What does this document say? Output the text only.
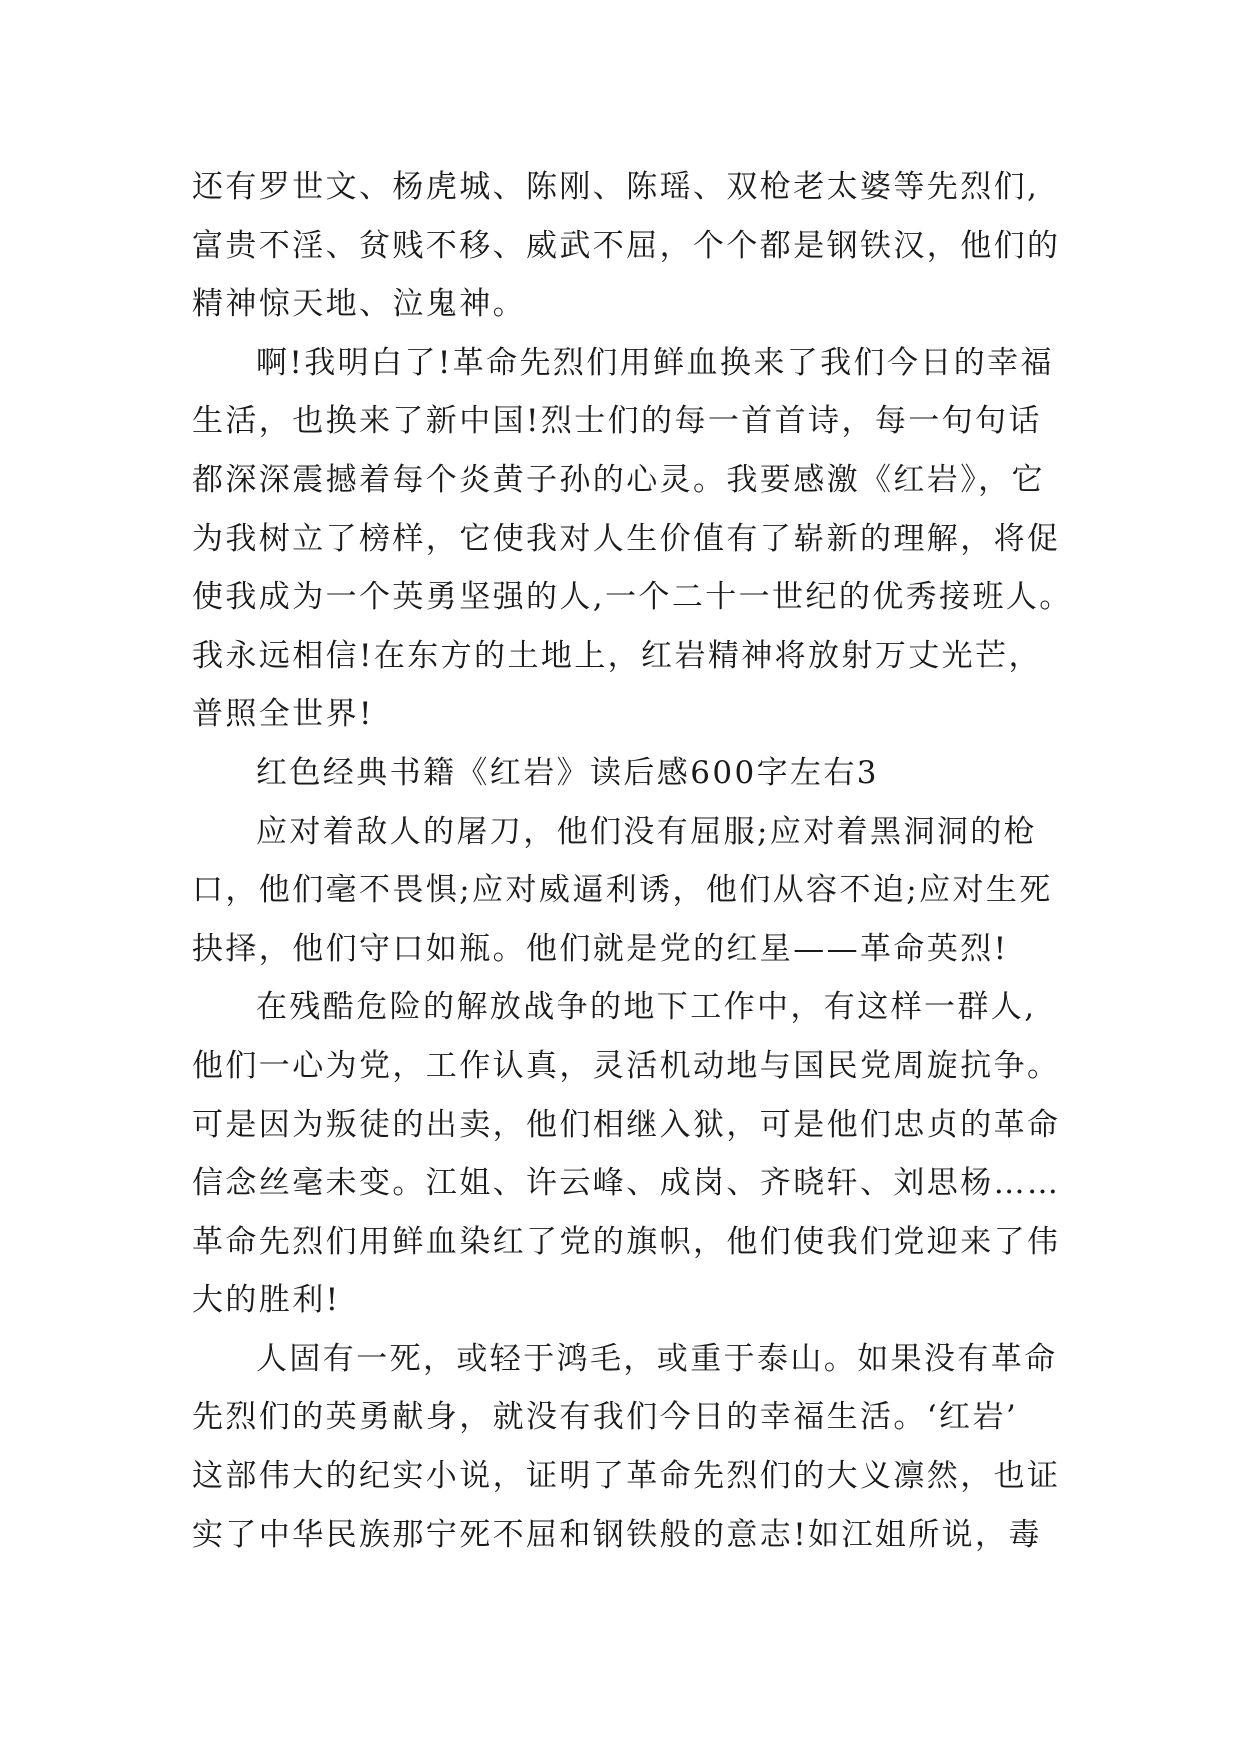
还有罗世文、杨虎城、陈刚、陈瑶、双枪老太婆等先烈们,
富贵不淫、贫贱不移、威武不屈，个个都是钢铁汉，他们的
精神惊天地、泣鬼神。
啊!我明白了!革命先烈们用鲜血换来了我们今日的幸福
生活，也换来了新中国!烈士们的每一首首诗，每一句句话
都深深震撼着每个炎黄子孙的心灵。我要感激《红岩》，它
为我树立了榜样，它使我对人生价值有了崭新的理解，将促
使我成为一个英勇坚强的人,一个二十一世纪的优秀接班人。
我永远相信!在东方的土地上，红岩精神将放射万丈光芒，
普照全世界!
红色经典书籍《红岩》读后感600字左右3
应对着敌人的屠刀，他们没有屈服;应对着黑洞洞的枪
口，他们毫不畏惧;应对威逼利诱，他们从容不迫;应对生死
抉择，他们守口如瓶。他们就是党的红星——革命英烈!
在残酷危险的解放战争的地下工作中，有这样一群人,
他们一心为党，工作认真，灵活机动地与国民党周旋抗争。
可是因为叛徒的出卖，他们相继入狱，可是他们忠贞的革命
信念丝毫未变。江姐、许云峰、成岗、齐晓轩、刘思杨……
革命先烈们用鲜血染红了党的旗帜，他们使我们党迎来了伟
大的胜利!
人固有一死，或轻于鸿毛，或重于泰山。如果没有革命
先烈们的英勇献身，就没有我们今日的幸福生活。‘红岩’
这部伟大的纪实小说，证明了革命先烈们的大义凛然，也证
实了中华民族那宁死不屈和钢铁般的意志!如江姐所说，毒
